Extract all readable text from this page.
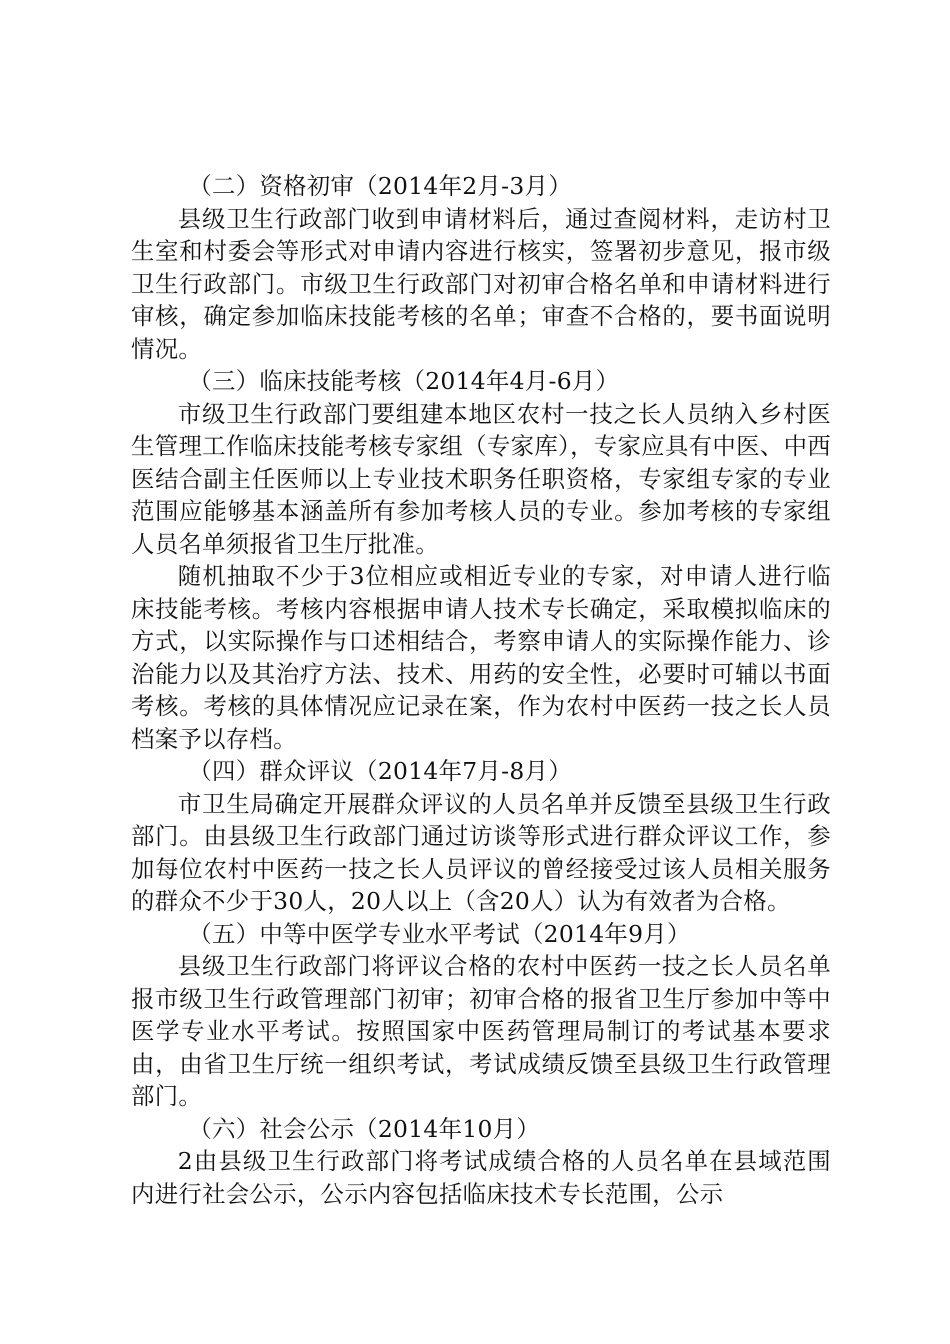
（二）资格初审（2014年2月-3月）

县级卫生行政部门收到申请材料后，通过查阅材料，走访村卫生室和村委会等形式对申请内容进行核实，签署初步意见，报市级卫生行政部门。市级卫生行政部门对初审合格名单和申请材料进行审核，确定参加临床技能考核的名单；审查不合格的，要书面说明情况。

（三）临床技能考核（2014年4月-6月）

市级卫生行政部门要组建本地区农村一技之长人员纳入乡村医生管理工作临床技能考核专家组（专家库），专家应具有中医、中西医结合副主任医师以上专业技术职务任职资格，专家组专家的专业范围应能够基本涵盖所有参加考核人员的专业。参加考核的专家组人员名单须报省卫生厅批准。

随机抽取不少于3位相应或相近专业的专家，对申请人进行临床技能考核。考核内容根据申请人技术专长确定，采取模拟临床的方式，以实际操作与口述相结合，考察申请人的实际操作能力、诊治能力以及其治疗方法、技术、用药的安全性，必要时可辅以书面考核。考核的具体情况应记录在案，作为农村中医药一技之长人员档案予以存档。

（四）群众评议（2014年7月-8月）

市卫生局确定开展群众评议的人员名单并反馈至县级卫生行政部门。由县级卫生行政部门通过访谈等形式进行群众评议工作，参加每位农村中医药一技之长人员评议的曾经接受过该人员相关服务的群众不少于30人，20人以上（含20人）认为有效者为合格。

（五）中等中医学专业水平考试（2014年9月）

县级卫生行政部门将评议合格的农村中医药一技之长人员名单报市级卫生行政管理部门初审；初审合格的报省卫生厅参加中等中医学专业水平考试。按照国家中医药管理局制订的考试基本要求由，由省卫生厅统一组织考试，考试成绩反馈至县级卫生行政管理部门。

（六）社会公示（2014年10月）

2由县级卫生行政部门将考试成绩合格的人员名单在县域范围内进行社会公示，公示内容包括临床技术专长范围，公示
